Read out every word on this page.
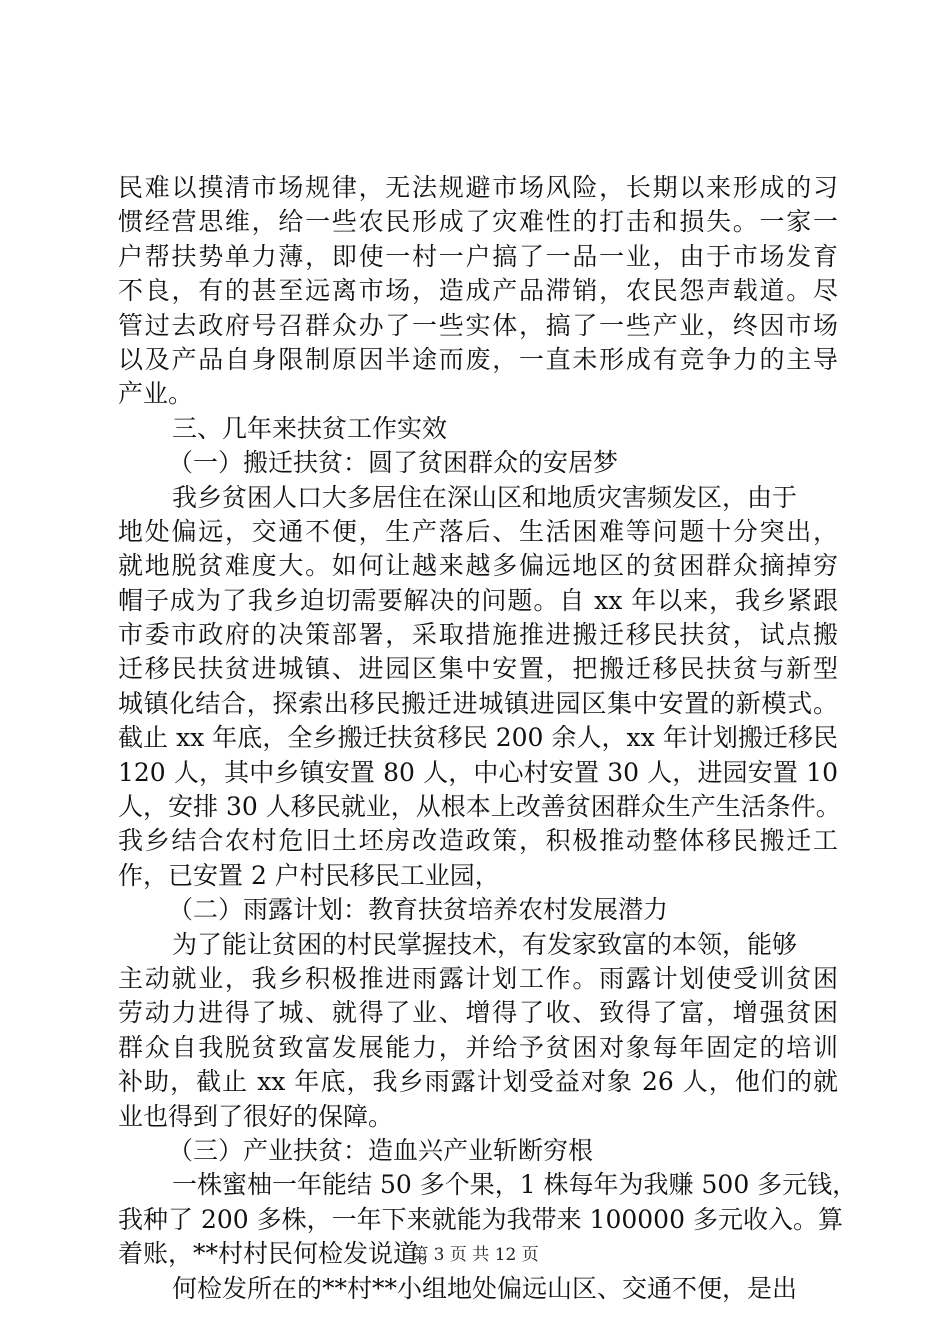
民难以摸清市场规律，无法规避市场风险，长期以来形成的习
惯经营思维，给一些农民形成了灾难性的打击和损失。一家一
户帮扶势单力薄，即使一村一户搞了一品一业，由于市场发育
不良，有的甚至远离市场，造成产品滞销，农民怨声载道。尽
管过去政府号召群众办了一些实体，搞了一些产业，终因市场
以及产品自身限制原因半途而废，一直未形成有竞争力的主导
产业。
三、几年来扶贫工作实效
（一）搬迁扶贫：圆了贫困群众的安居梦
我乡贫困人口大多居住在深山区和地质灾害频发区，由于
地处偏远，交通不便，生产落后、生活困难等问题十分突出，
就地脱贫难度大。如何让越来越多偏远地区的贫困群众摘掉穷
帽子成为了我乡迫切需要解决的问题。自 xx 年以来，我乡紧跟
市委市政府的决策部署，采取措施推进搬迁移民扶贫，试点搬
迁移民扶贫进城镇、进园区集中安置，把搬迁移民扶贫与新型
城镇化结合，探索出移民搬迁进城镇进园区集中安置的新模式。
截止 xx 年底，全乡搬迁扶贫移民 200 余人，xx 年计划搬迁移民
120 人，其中乡镇安置 80 人，中心村安置 30 人，进园安置 10
人，安排 30 人移民就业，从根本上改善贫困群众生产生活条件。
我乡结合农村危旧土坯房改造政策，积极推动整体移民搬迁工
作，已安置 2 户村民移民工业园，
（二）雨露计划：教育扶贫培养农村发展潜力
为了能让贫困的村民掌握技术，有发家致富的本领，能够
主动就业，我乡积极推进雨露计划工作。雨露计划使受训贫困
劳动力进得了城、就得了业、增得了收、致得了富，增强贫困
群众自我脱贫致富发展能力，并给予贫困对象每年固定的培训
补助，截止 xx 年底，我乡雨露计划受益对象 26 人，他们的就
业也得到了很好的保障。
（三）产业扶贫：造血兴产业斩断穷根
一株蜜柚一年能结 50 多个果，1 株每年为我赚 500 多元钱，
我种了 200 多株，一年下来就能为我带来 100000 多元收入。算
着账，**村村民何检发说道。
何检发所在的**村**小组地处偏远山区、交通不便，是出
第 3 页 共 12 页
